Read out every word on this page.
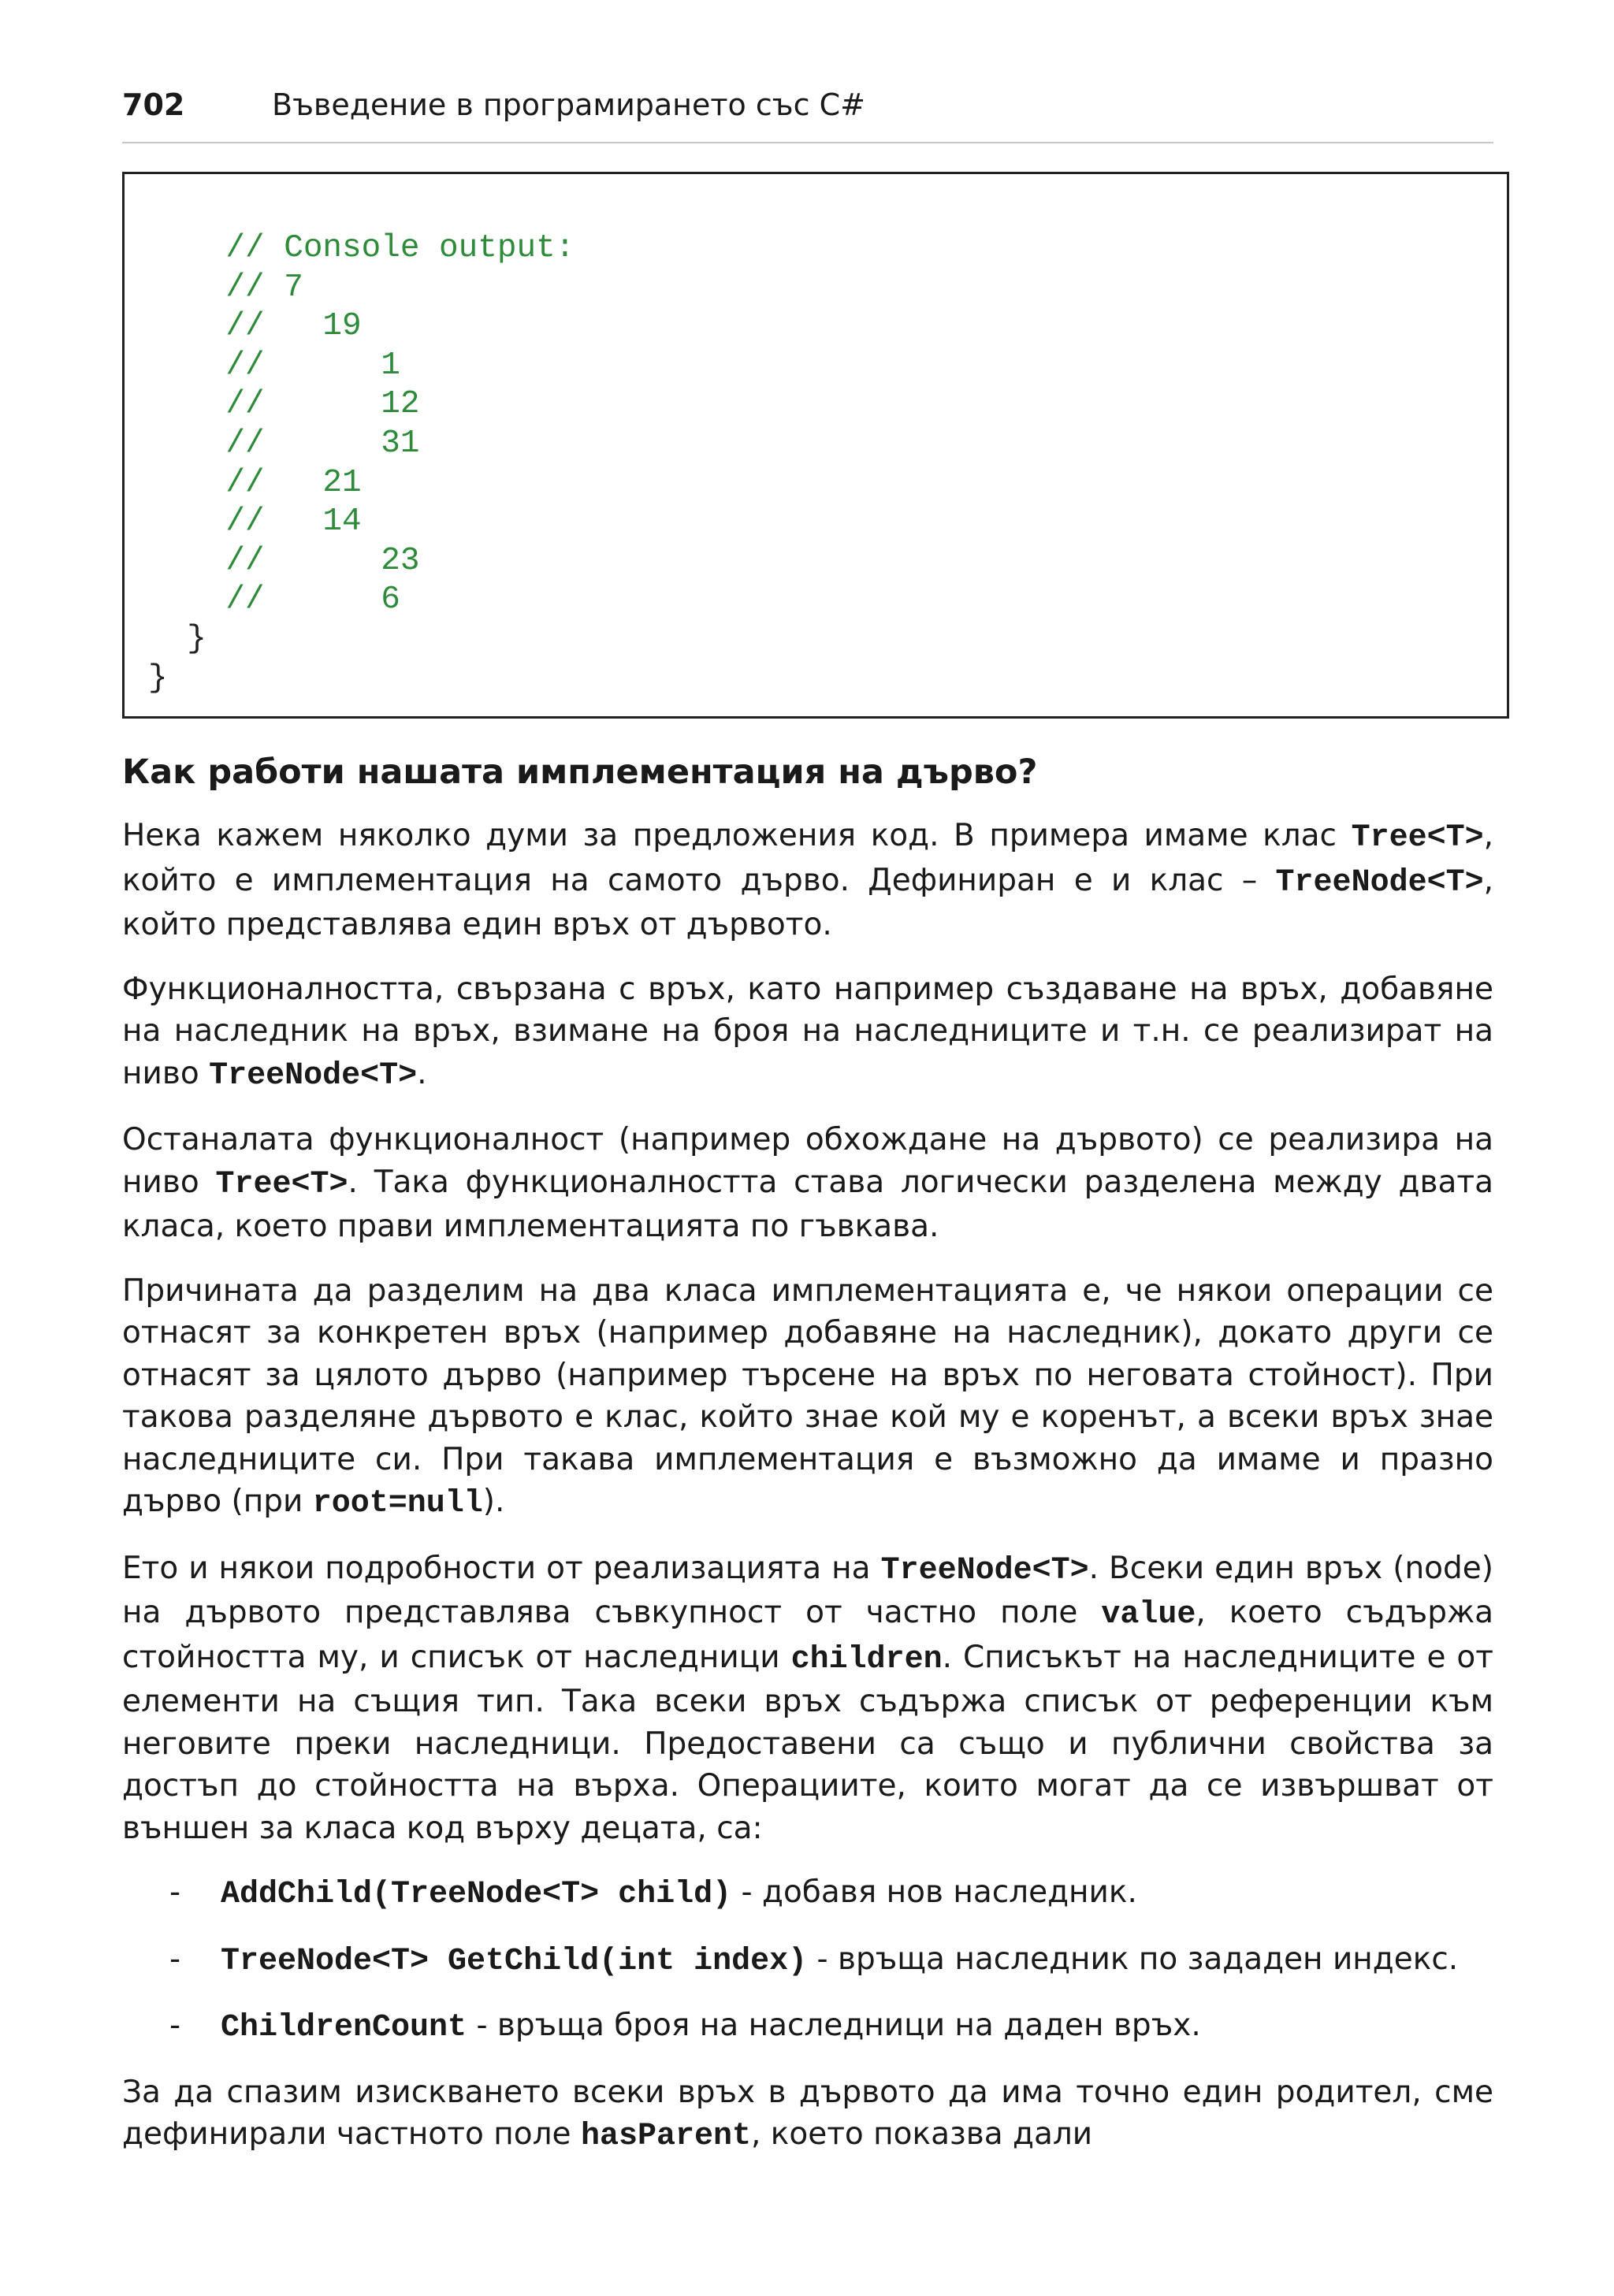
702	Въведение в програмирането със C#
// Console output:
// 7
//   19
//      1
//      12
//      31
//   21
//   14
//      23
//      6
}
}
Как работи нашата имплементация на дърво?

Нека кажем няколко думи за предложения код. В примера имаме клас Tree<T>, който е имплементация на самото дърво. Дефиниран е и клас – TreeNode<T>, който представлява един връх от дървото.

Функционалността, свързана с връх, като например създаване на връх, добавяне на наследник на връх, взимане на броя на наследниците и т.н. се реализират на ниво TreeNode<T>.

Останалата функционалност (например обхождане на дървото) се реализира на ниво Tree<T>. Така функционалността става логически разделена между двата класа, което прави имплементацията по гъвкава.

Причината да разделим на два класа имплементацията е, че някои операции се отнасят за конкретен връх (например добавяне на наследник), докато други се отнасят за цялото дърво (например търсене на връх по неговата стойност). При такова разделяне дървото е клас, който знае кой му е коренът, а всеки връх знае наследниците си. При такава имплементация е възможно да имаме и празно дърво (при root=null).

Ето и някои подробности от реализацията на TreeNode<T>. Всеки един връх (node) на дървото представлява съвкупност от частно поле value, което съдържа стойността му, и списък от наследници children. Списъкът на наследниците е от елементи на същия тип. Така всеки връх съдържа списък от референции към неговите преки наследници. Предоставени са също и публични свойства за достъп до стойността на върха. Операциите, които могат да се извършват от външен за класа код върху децата, са:

- AddChild(TreeNode<T> child) - добавя нов наследник.
- TreeNode<T> GetChild(int index) - връща наследник по зададен индекс.
- ChildrenCount - връща броя на наследници на даден връх.

За да спазим изискването всеки връх в дървото да има точно един родител, сме дефинирали частното поле hasParent, което показва дали
